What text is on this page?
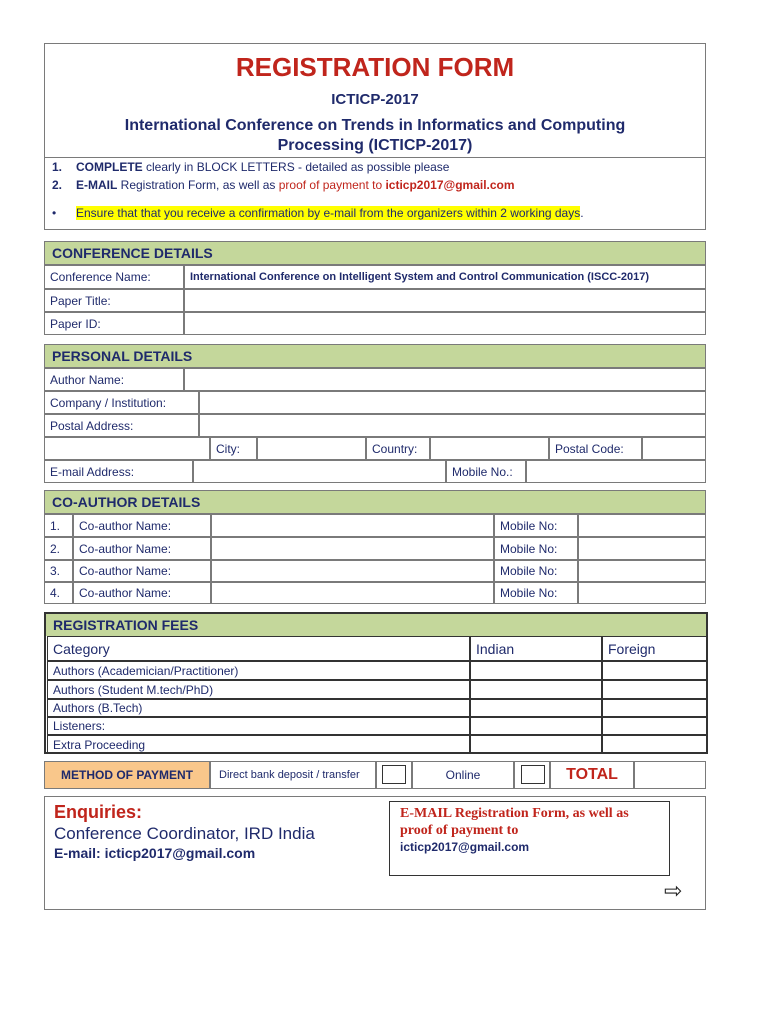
REGISTRATION FORM
ICTICP-2017
International Conference on Trends in Informatics and Computing
Processing (ICTICP-2017)
1. COMPLETE clearly in BLOCK LETTERS - detailed as possible please
2. E-MAIL Registration Form, as well as proof of payment to icticp2017@gmail.com
• Ensure that that you receive a confirmation by e-mail from the organizers within 2 working days.
CONFERENCE DETAILS
Conference Name:	International Conference on Intelligent System and Control Communication (ISCC-2017)
Paper Title:
Paper ID:
PERSONAL DETAILS
Author Name:
Company / Institution:
Postal Address:
City:	Country:	Postal Code:
E-mail Address:	Mobile No.:
CO-AUTHOR DETAILS
1.	Co-author Name:	Mobile No:
2.	Co-author Name:	Mobile No:
3.	Co-author Name:	Mobile No:
4.	Co-author Name:	Mobile No:
REGISTRATION FEES
Category	Indian	Foreign
Authors (Academician/Practitioner)
Authors (Student M.tech/PhD)
Authors (B.Tech)
Listeners:
Extra Proceeding
METHOD OF PAYMENT	Direct bank deposit / transfer	Online	TOTAL
Enquiries:
Conference Coordinator, IRD India
E-mail: icticp2017@gmail.com
E-MAIL Registration Form, as well as
proof of payment to
icticp2017@gmail.com
⇨
